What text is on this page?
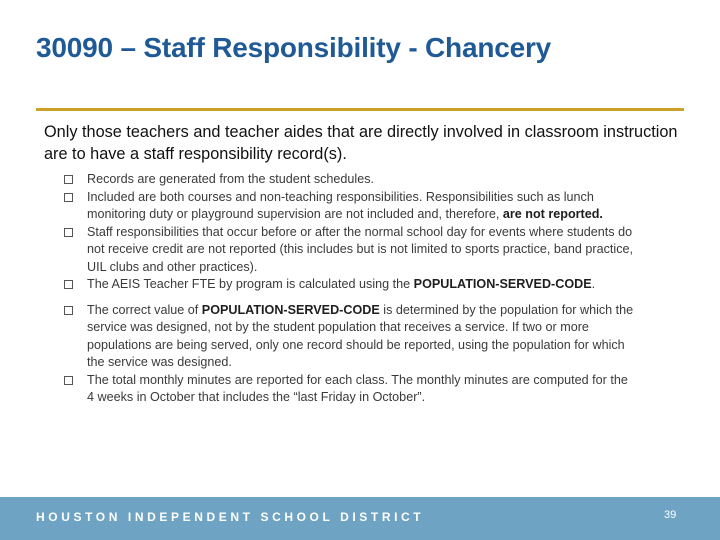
30090 – Staff Responsibility - Chancery
Only those teachers and teacher aides that are directly involved in classroom instruction are to have a staff responsibility record(s).
Records are generated from the student schedules.
Included are both courses and non-teaching responsibilities. Responsibilities such as lunch monitoring duty or playground supervision are not included and, therefore, are not reported.
Staff responsibilities that occur before or after the normal school day for events where students do not receive credit are not reported (this includes but is not limited to sports practice, band practice, UIL clubs and other practices).
The AEIS Teacher FTE by program is calculated using the POPULATION-SERVED-CODE.
The correct value of POPULATION-SERVED-CODE is determined by the population for which the service was designed, not by the student population that receives a service. If two or more populations are being served, only one record should be reported, using the population for which the service was designed.
The total monthly minutes are reported for each class. The monthly minutes are computed for the 4 weeks in October that includes the “last Friday in October”.
HOUSTON INDEPENDENT SCHOOL DISTRICT	39
